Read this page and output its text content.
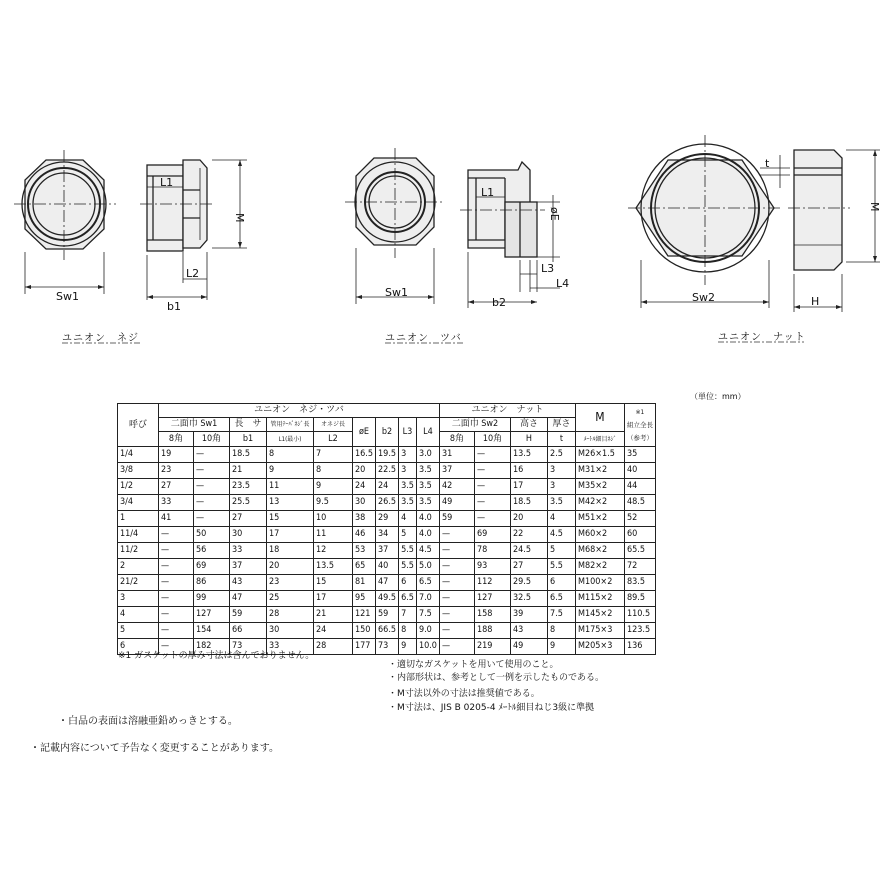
L1
L2
b1
Sw1
M
L1
L3
L4
b2
Sw1
øE
Sw2
t
M
H
ユニオン　ネジ	ユニオン　ツバ	ユニオン　ナット
（単位：mm）
呼び	ユニオン　ネジ・ツバ									ユニオン　ナット				M	※1
組立全長
（参考）

	二面巾 Sw1		長　サ	管用ﾃｰﾊﾟﾈｼﾞ長	オネジ長	øE	b2	L3	L4	二面巾 Sw2		高さ	厚さ		
	8角	10角	b1	L1(最小)	L2					8角	10角	H	t	ﾒｰﾄﾙ細目ﾈｼﾞ	
1/4	19	—	18.5	8	7	16.5	19.5	3	3.0	31	—	13.5	2.5	M26×1.5	35
3/8	23	—	21	9	8	20	22.5	3	3.5	37	—	16	3	M31×2	40
1/2	27	—	23.5	11	9	24	24	3.5	3.5	42	—	17	3	M35×2	44
3/4	33	—	25.5	13	9.5	30	26.5	3.5	3.5	49	—	18.5	3.5	M42×2	48.5
1	41	—	27	15	10	38	29	4	4.0	59	—	20	4	M51×2	52
11/4	—	50	30	17	11	46	34	5	4.0	—	69	22	4.5	M60×2	60
11/2	—	56	33	18	12	53	37	5.5	4.5	—	78	24.5	5	M68×2	65.5
2	—	69	37	20	13.5	65	40	5.5	5.0	—	93	27	5.5	M82×2	72
21/2	—	86	43	23	15	81	47	6	6.5	—	112	29.5	6	M100×2	83.5
3	—	99	47	25	17	95	49.5	6.5	7.0	—	127	32.5	6.5	M115×2	89.5
4	—	127	59	28	21	121	59	7	7.5	—	158	39	7.5	M145×2	110.5
5	—	154	66	30	24	150	66.5	8	9.0	—	188	43	8	M175×3	123.5
6	—	182	73	33	28	177	73	9	10.0	—	219	49	9	M205×3	136
※1 ガスケットの厚み寸法は含んでおりません。
・適切なガスケットを用いて使用のこと。
・内部形状は、参考として一例を示したものである。
・M寸法以外の寸法は推奨値である。
・M寸法は、JIS B 0205-4 ﾒｰﾄﾙ細目ねじ3級に準拠
・白品の表面は溶融亜鉛めっきとする。
・記載内容について予告なく変更することがあります。
